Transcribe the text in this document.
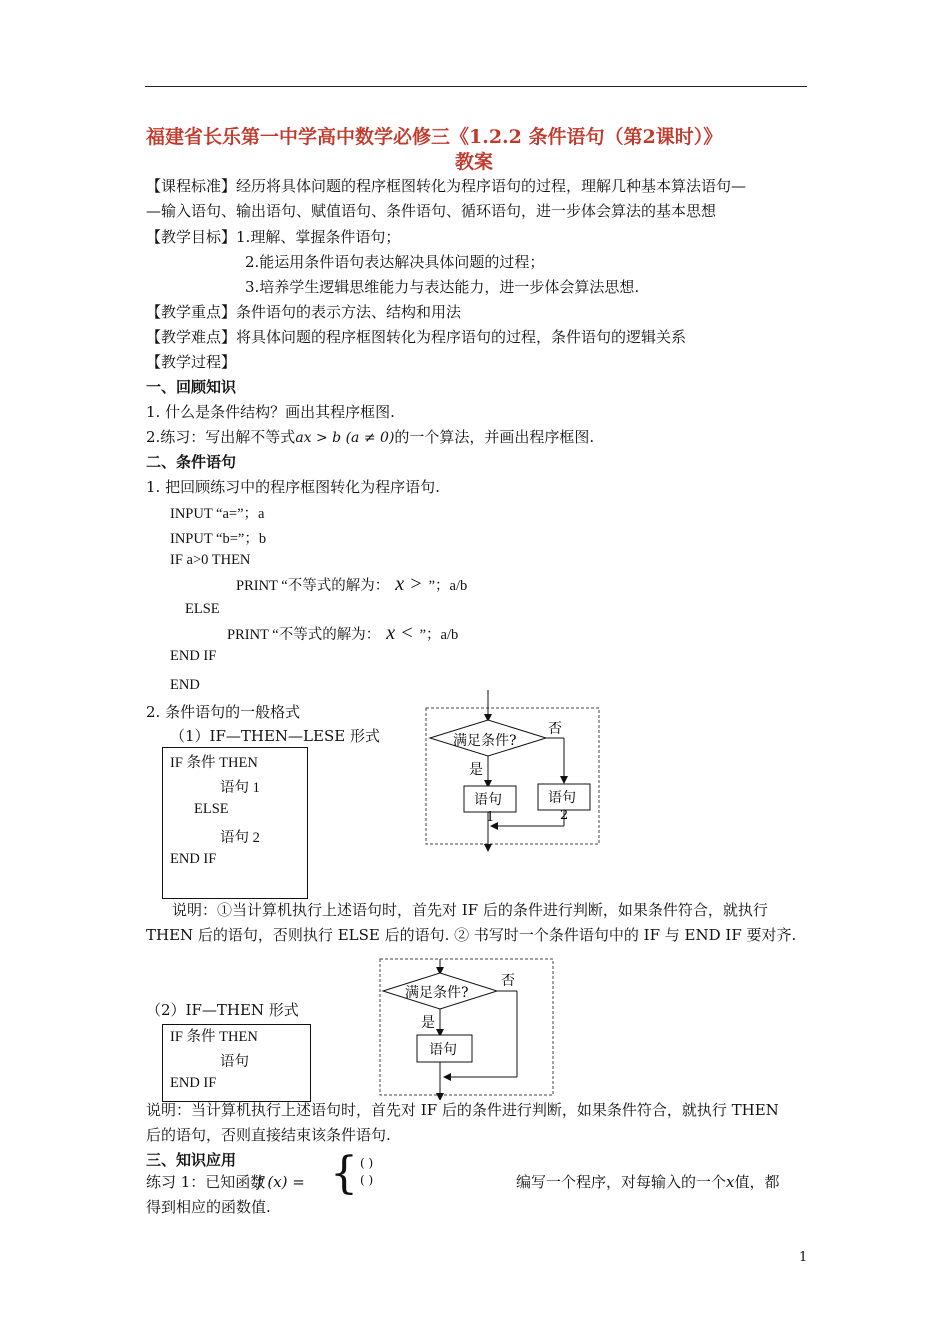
福建省长乐第一中学高中数学必修三《1.2.2 条件语句（第2课时）》
教案
【课程标准】经历将具体问题的程序框图转化为程序语句的过程，理解几种基本算法语句—
—输入语句、输出语句、赋值语句、条件语句、循环语句，进一步体会算法的基本思想
【教学目标】1.理解、掌握条件语句；
2.能运用条件语句表达解决具体问题的过程；
3.培养学生逻辑思维能力与表达能力，进一步体会算法思想.
【教学重点】条件语句的表示方法、结构和用法
【教学难点】将具体问题的程序框图转化为程序语句的过程，条件语句的逻辑关系
【教学过程】
一、回顾知识
1. 什么是条件结构？画出其程序框图.
2.练习：写出解不等式ax > b (a ≠ 0)的一个算法，并画出程序框图.
二、条件语句
1. 把回顾练习中的程序框图转化为程序语句.
INPUT “a=”；a
INPUT “b=”；b
IF a>0 THEN
PRINT “不等式的解为： x > ”；a/b
ELSE
PRINT “不等式的解为： x < ”；a/b
END IF
END
2. 条件语句的一般格式
（1）IF—THEN—LESE 形式
IF 条件 THEN
语句 1
ELSE
语句 2
END IF
满足条件?
否
是
语句	语句
1	2
说明：①当计算机执行上述语句时，首先对 IF 后的条件进行判断，如果条件符合，就执行
THEN 后的语句，否则执行 ELSE 后的语句. ② 书写时一个条件语句中的 IF 与 END IF 要对齐.
满足条件?
否
是
语句
（2）IF—THEN 形式
IF 条件 THEN
语句
END IF
说明：当计算机执行上述语句时，首先对 IF 后的条件进行判断，如果条件符合，就执行 THEN
后的语句，否则直接结束该条件语句.
三、知识应用
练习 1：已知函数
f (x) = { ( )
( )	编写一个程序，对每输入的一个x值，都
得到相应的函数值.
1
